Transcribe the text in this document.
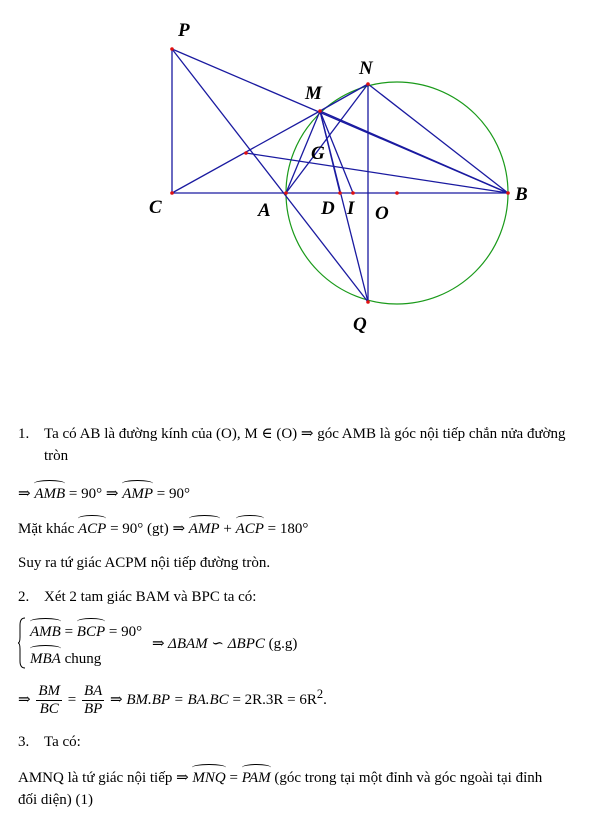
P
N
M
G
C	A	D I O
B
Q
1. Ta có AB là đường kính của (O), M ∈ (O) ⇒ góc AMB là góc nội tiếp chắn nửa đường
tròn
⇒ AMB = 90° ⇒ AMP = 90°
Mặt khác ACP = 90° (gt) ⇒ AMP + ACP = 180°
Suy ra tứ giác ACPM nội tiếp đường tròn.
2. Xét 2 tam giác BAM và BPC ta có:
AMB = BCP = 90°
MBA chung
⇒ ΔBAM ∽ ΔBPC (g.g)
⇒ $\frac{BM}{BC} = \frac{BA}{BP}$ ⇒ $BM.BP = BA.BC = 2R.3R = 6R^2$.
3. Ta có:
AMNQ là tứ giác nội tiếp ⇒ MNQ = PAM (góc trong tại một đỉnh và góc ngoài tại đỉnh
đối diện) (1)
